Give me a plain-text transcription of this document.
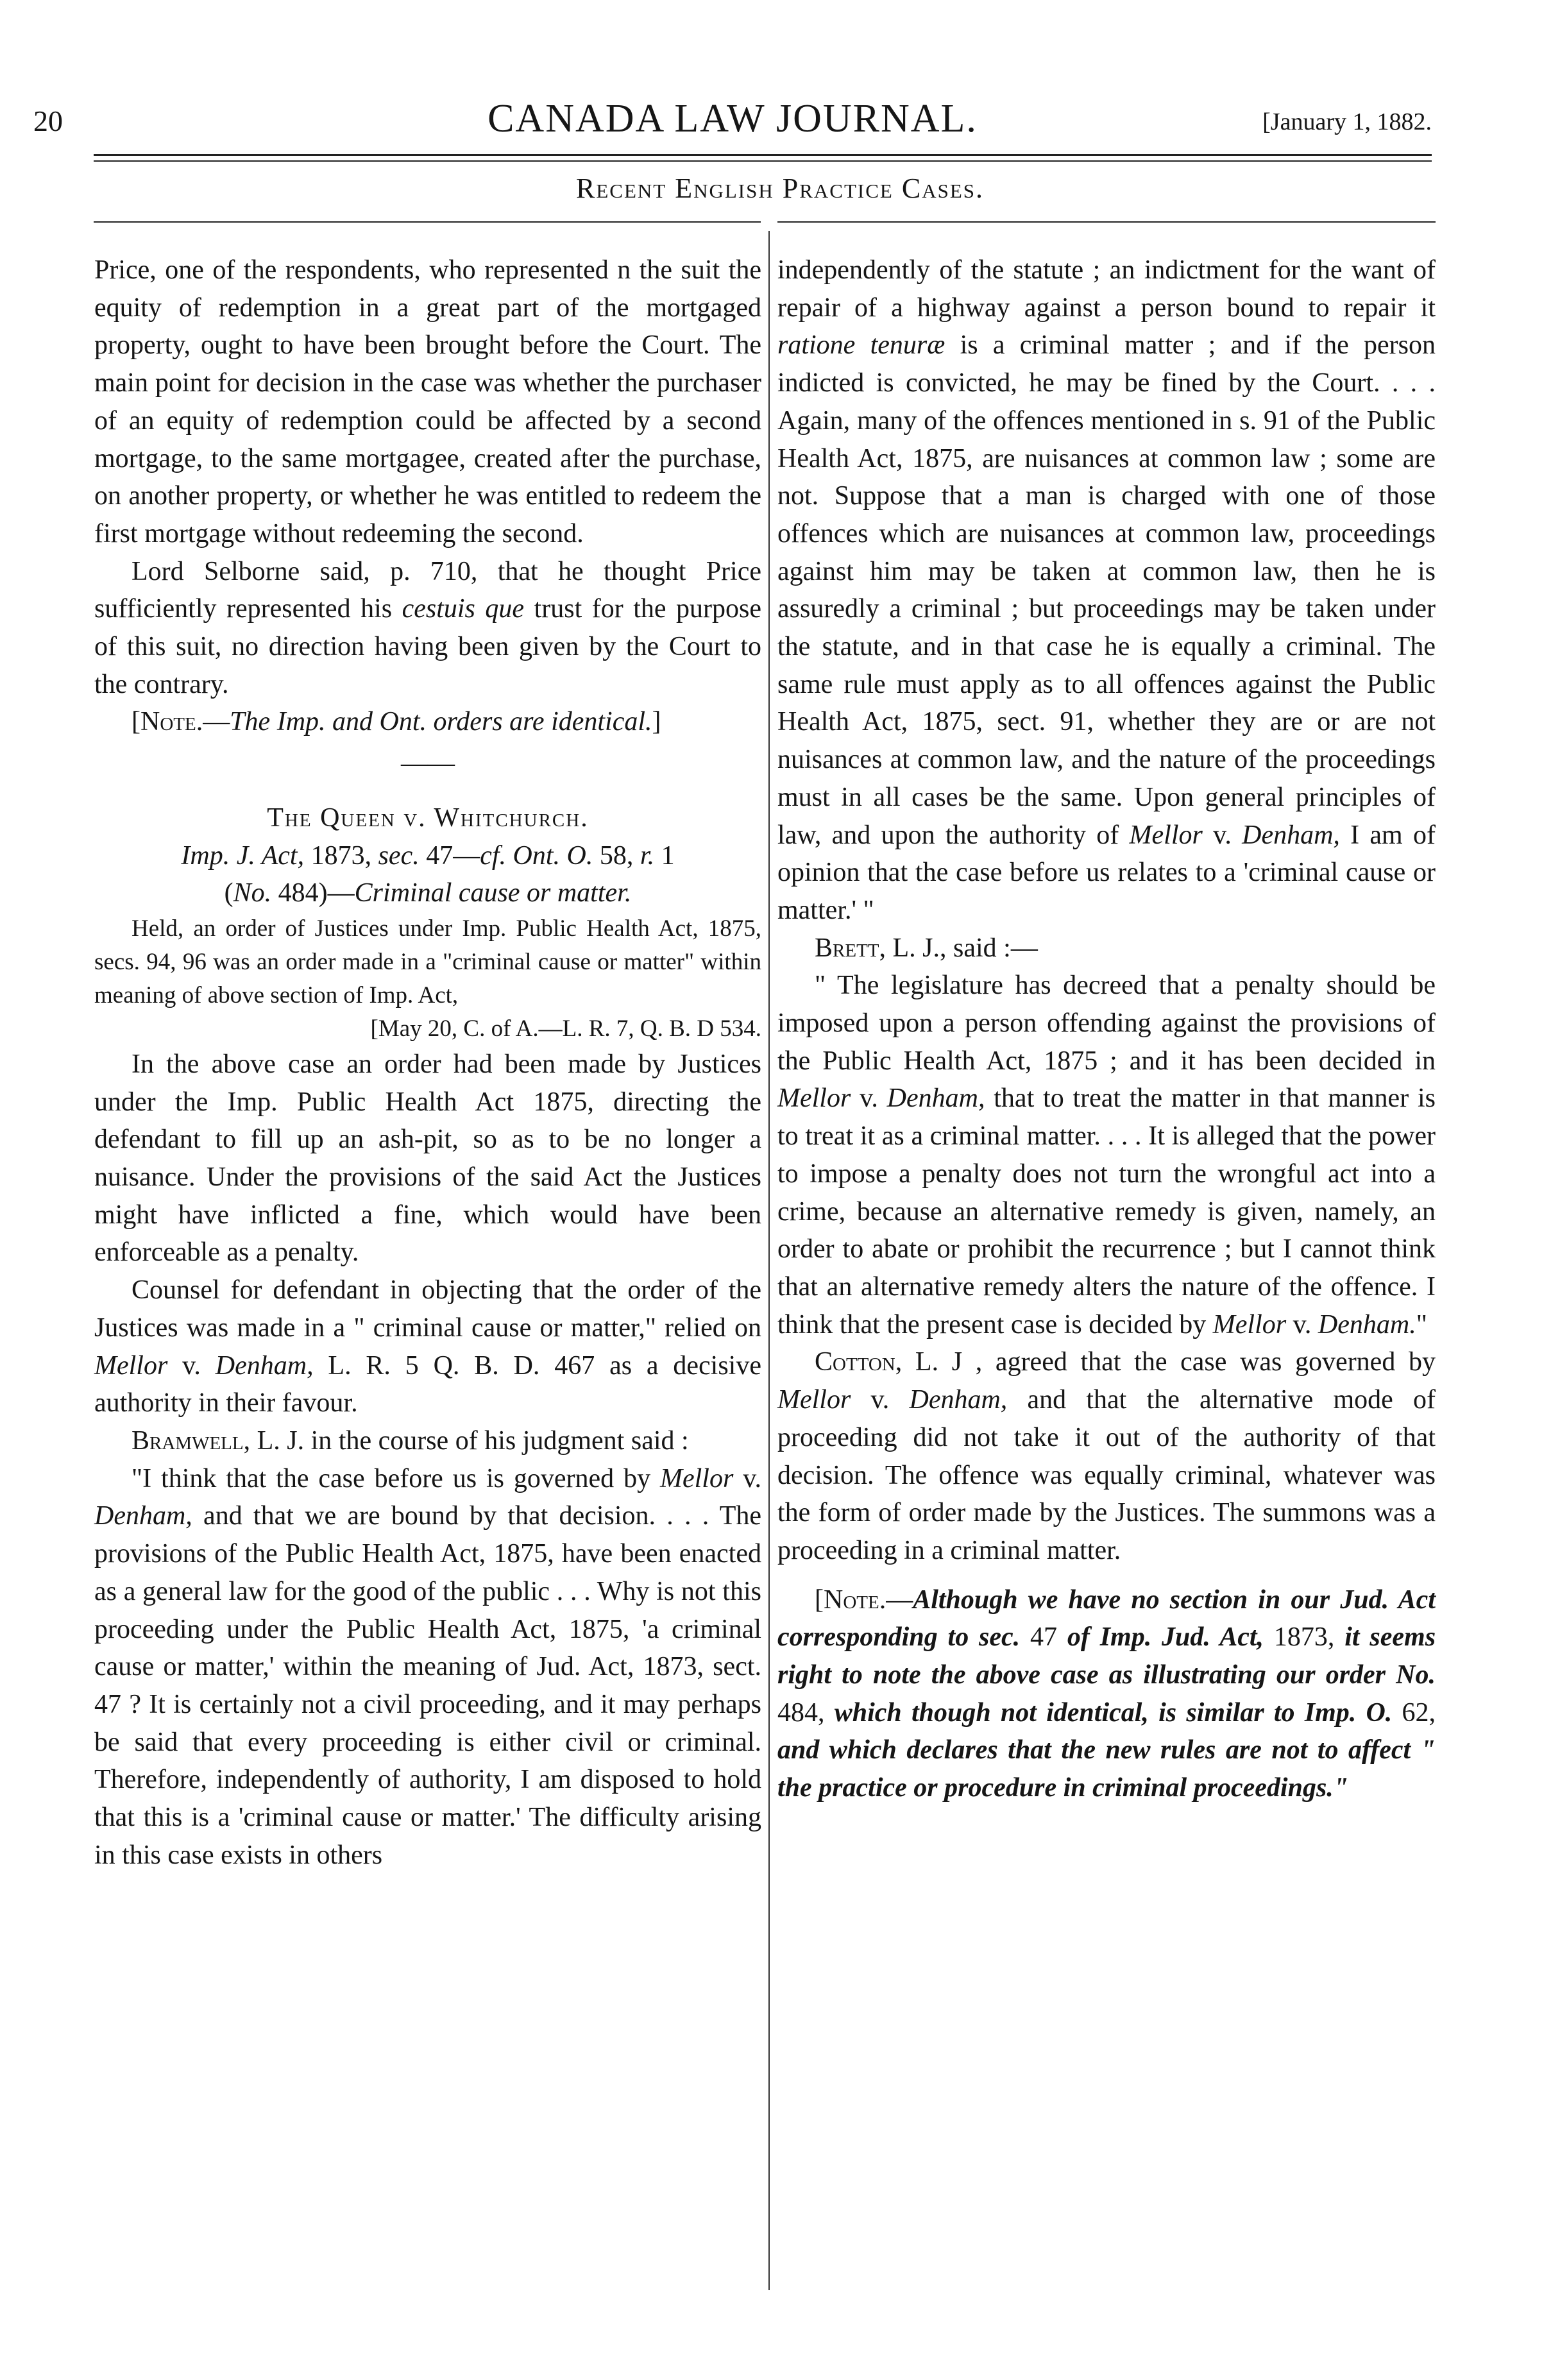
20	CANADA LAW JOURNAL.	[January 1, 1882.
Recent English Practice Cases.

Price, one of the respondents, who represented n the suit the equity of redemption in a great part of the mortgaged property, ought to have been brought before the Court. The main point for decision in the case was whether the purchaser of an equity of redemption could be affected by a second mortgage, to the same mortgagee, created after the purchase, on another property, or whether he was entitled to redeem the first mortgage without redeeming the second.

Lord Selborne said, p. 710, that he thought Price sufficiently represented his cestuis que trust for the purpose of this suit, no direction having been given by the Court to the contrary.

[Note.—The Imp. and Ont. orders are identical.]

——

The Queen v. Whitchurch.

Imp. J. Act, 1873, sec. 47—cf. Ont. O. 58, r. 1
(No. 484)—Criminal cause or matter.

Held, an order of Justices under Imp. Public Health Act, 1875, secs. 94, 96 was an order made in a "criminal cause or matter" within meaning of above section of Imp. Act,

[May 20, C. of A.—L. R. 7, Q. B. D 534.

In the above case an order had been made by Justices under the Imp. Public Health Act 1875, directing the defendant to fill up an ash-pit, so as to be no longer a nuisance. Under the provisions of the said Act the Justices might have inflicted a fine, which would have been enforceable as a penalty.

Counsel for defendant in objecting that the order of the Justices was made in a " criminal cause or matter," relied on Mellor v. Denham, L. R. 5 Q. B. D. 467 as a decisive authority in their favour.

Bramwell, L. J. in the course of his judgment said :

"I think that the case before us is governed by Mellor v. Denham, and that we are bound by that decision. . . . The provisions of the Public Health Act, 1875, have been enacted as a general law for the good of the public . . . Why is not this proceeding under the Public Health Act, 1875, 'a criminal cause or matter,' within the meaning of Jud. Act, 1873, sect. 47 ? It is certainly not a civil proceeding, and it may perhaps be said that every proceeding is either civil or criminal. Therefore, independently of authority, I am disposed to hold that this is a 'criminal cause or matter.' The difficulty arising in this case exists in others

independently of the statute ; an indictment for the want of repair of a highway against a person bound to repair it ratione tenuræ is a criminal matter ; and if the person indicted is convicted, he may be fined by the Court. . . . Again, many of the offences mentioned in s. 91 of the Public Health Act, 1875, are nuisances at common law ; some are not. Suppose that a man is charged with one of those offences which are nuisances at common law, proceedings against him may be taken at common law, then he is assuredly a criminal ; but proceedings may be taken under the statute, and in that case he is equally a criminal. The same rule must apply as to all offences against the Public Health Act, 1875, sect. 91, whether they are or are not nuisances at common law, and the nature of the proceedings must in all cases be the same. Upon general principles of law, and upon the authority of Mellor v. Denham, I am of opinion that the case before us relates to a 'criminal cause or matter.' "

Brett, L. J., said :—

" The legislature has decreed that a penalty should be imposed upon a person offending against the provisions of the Public Health Act, 1875 ; and it has been decided in Mellor v. Denham, that to treat the matter in that manner is to treat it as a criminal matter. . . . It is alleged that the power to impose a penalty does not turn the wrongful act into a crime, because an alternative remedy is given, namely, an order to abate or prohibit the recurrence ; but I cannot think that an alternative remedy alters the nature of the offence. I think that the present case is decided by Mellor v. Denham."

Cotton, L. J , agreed that the case was governed by Mellor v. Denham, and that the alternative mode of proceeding did not take it out of the authority of that decision. The offence was equally criminal, whatever was the form of order made by the Justices. The summons was a proceeding in a criminal matter.

[Note.—Although we have no section in our Jud. Act corresponding to sec. 47 of Imp. Jud. Act, 1873, it seems right to note the above case as illustrating our order No. 484, which though not identical, is similar to Imp. O. 62, and which declares that the new rules are not to affect " the practice or procedure in criminal proceedings."
